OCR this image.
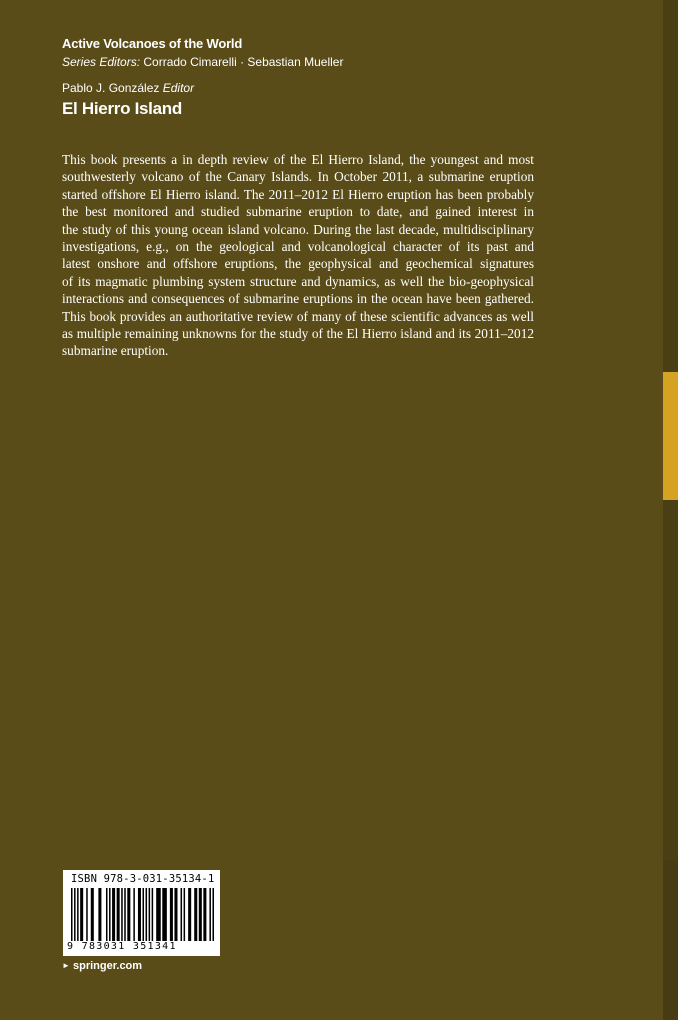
Active Volcanoes of the World
Series Editors: Corrado Cimarelli · Sebastian Mueller
Pablo J. González Editor
El Hierro Island
This book presents a in depth review of the El Hierro Island, the youngest and most
southwesterly volcano of the Canary Islands. In October 2011, a submarine eruption
started offshore El Hierro island. The 2011–2012 El Hierro eruption has been probably
the best monitored and studied submarine eruption to date, and gained interest in
the study of this young ocean island volcano. During the last decade, multidisciplinary
investigations, e.g., on the geological and volcanological character of its past and
latest onshore and offshore eruptions, the geophysical and geochemical signatures
of its magmatic plumbing system structure and dynamics, as well the bio-geophysical
interactions and consequences of submarine eruptions in the ocean have been gathered.
This book provides an authoritative review of many of these scientific advances as well
as multiple remaining unknowns for the study of the El Hierro island and its 2011–2012
submarine eruption.
ISBN 978-3-031-35134-1
9 783031 351341
► springer.com
